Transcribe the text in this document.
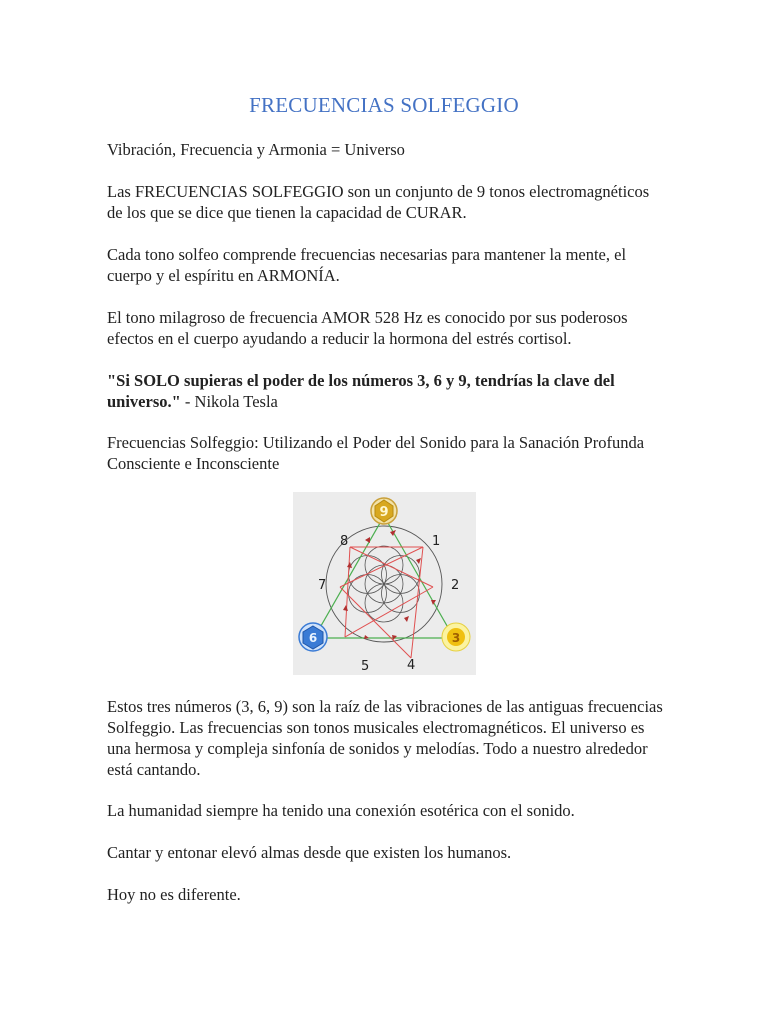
FRECUENCIAS SOLFEGGIO

Vibración, Frecuencia y Armonia = Universo

Las FRECUENCIAS SOLFEGGIO son un conjunto de 9 tonos electromagnéticos de los que se dice que tienen la capacidad de CURAR.

Cada tono solfeo comprende frecuencias necesarias para mantener la mente, el cuerpo y el espíritu en ARMONÍA.

El tono milagroso de frecuencia AMOR 528 Hz es conocido por sus poderosos efectos en el cuerpo ayudando a reducir la hormona del estrés cortisol.

"Si SOLO supieras el poder de los números 3, 6 y 9, tendrías la clave del universo." - Nikola Tesla

Frecuencias Solfeggio: Utilizando el Poder del Sonido para la Sanación Profunda Consciente e Inconsciente

9
3
6
1
2
4
5
7
8

Estos tres números (3, 6, 9) son la raíz de las vibraciones de las antiguas frecuencias Solfeggio. Las frecuencias son tonos musicales electromagnéticos. El universo es una hermosa y compleja sinfonía de sonidos y melodías. Todo a nuestro alrededor está cantando.

La humanidad siempre ha tenido una conexión esotérica con el sonido.

Cantar y entonar elevó almas desde que existen los humanos.

Hoy no es diferente.
